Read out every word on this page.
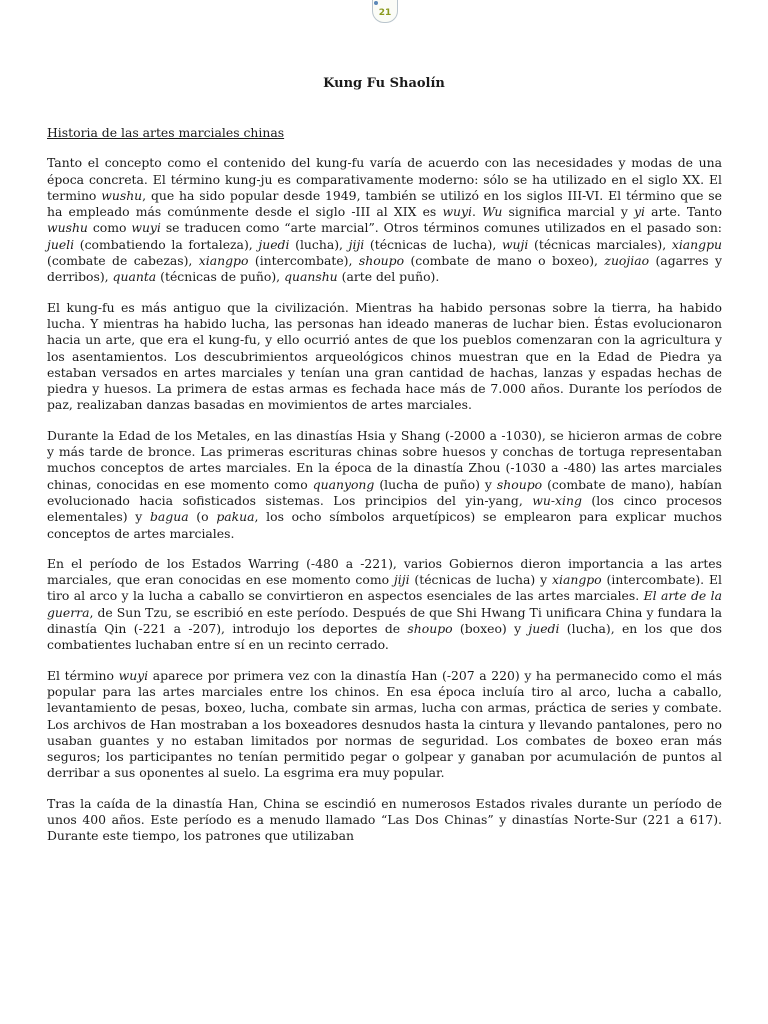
21
Kung Fu Shaolín
Historia de las artes marciales chinas

Tanto el concepto como el contenido del kung-fu varía de acuerdo con las necesidades y modas de una época concreta. El término kung-ju es comparativamente moderno: sólo se ha utilizado en el siglo XX. El termino wushu, que ha sido popular desde 1949, también se utilizó en los siglos III-VI. El término que se ha empleado más comúnmente desde el siglo -III al XIX es wuyi. Wu significa marcial y yi arte. Tanto wushu como wuyi se traducen como “arte marcial”. Otros términos comunes utilizados en el pasado son: jueli (combatiendo la fortaleza), juedi (lucha), jiji (técnicas de lucha), wuji (técnicas marciales), xiangpu (combate de cabezas), xiangpo (intercombate), shoupo (combate de mano o boxeo), zuojiao (agarres y derribos), quanta (técnicas de puño), quanshu (arte del puño).

El kung-fu es más antiguo que la civilización. Mientras ha habido personas sobre la tierra, ha habido lucha. Y mientras ha habido lucha, las personas han ideado maneras de luchar bien. Éstas evolucionaron hacia un arte, que era el kung-fu, y ello ocurrió antes de que los pueblos comenzaran con la agricultura y los asentamientos. Los descubrimientos arqueológicos chinos muestran que en la Edad de Piedra ya estaban versados en artes marciales y tenían una gran cantidad de hachas, lanzas y espadas hechas de piedra y huesos. La primera de estas armas es fechada hace más de 7.000 años. Durante los períodos de paz, realizaban danzas basadas en movimientos de artes marciales.

Durante la Edad de los Metales, en las dinastías Hsia y Shang (-2000 a -1030), se hicieron armas de cobre y más tarde de bronce. Las primeras escrituras chinas sobre huesos y conchas de tortuga representaban muchos conceptos de artes marciales. En la época de la dinastía Zhou (-1030 a -480) las artes marciales chinas, conocidas en ese momento como quanyong (lucha de puño) y shoupo (combate de mano), habían evolucionado hacia sofisticados sistemas. Los principios del yin-yang, wu-xing (los cinco procesos elementales) y bagua (o pakua, los ocho símbolos arquetípicos) se emplearon para explicar muchos conceptos de artes marciales.

En el período de los Estados Warring (-480 a -221), varios Gobiernos dieron importancia a las artes marciales, que eran conocidas en ese momento como jiji (técnicas de lucha) y xiangpo (intercombate). El tiro al arco y la lucha a caballo se convirtieron en aspectos esenciales de las artes marciales. El arte de la guerra, de Sun Tzu, se escribió en este período. Después de que Shi Hwang Ti unificara China y fundara la dinastía Qin (-221 a -207), introdujo los deportes de shoupo (boxeo) y juedi (lucha), en los que dos combatientes luchaban entre sí en un recinto cerrado.

El término wuyi aparece por primera vez con la dinastía Han (-207 a 220) y ha permanecido como el más popular para las artes marciales entre los chinos. En esa época incluía tiro al arco, lucha a caballo, levantamiento de pesas, boxeo, lucha, combate sin armas, lucha con armas, práctica de series y combate. Los archivos de Han mostraban a los boxeadores desnudos hasta la cintura y llevando pantalones, pero no usaban guantes y no estaban limitados por normas de seguridad. Los combates de boxeo eran más seguros; los participantes no tenían permitido pegar o golpear y ganaban por acumulación de puntos al derribar a sus oponentes al suelo. La esgrima era muy popular.

Tras la caída de la dinastía Han, China se escindió en numerosos Estados rivales durante un período de unos 400 años. Este período es a menudo llamado “Las Dos Chinas” y dinastías Norte-Sur (221 a 617). Durante este tiempo, los patrones que utilizaban
